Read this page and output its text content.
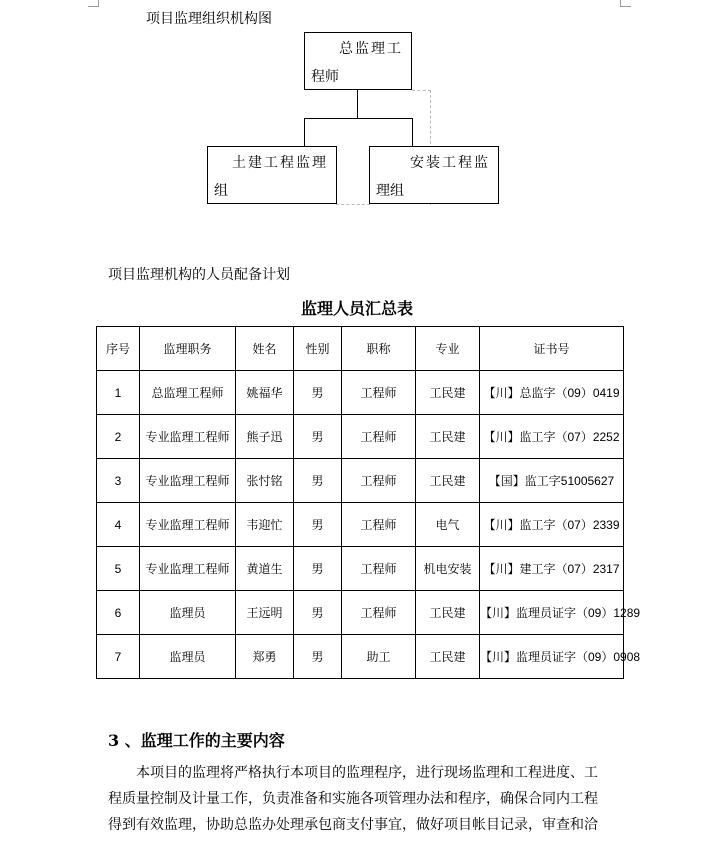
项目监理组织机构图
总监理工
程师
土建工程监理
组
安装工程监
理组
项目监理机构的人员配备计划
监理人员汇总表
序号	监理职务	姓名	性别	职称	专业	证书号
1	总监理工程师	姚福华	男	工程师	工民建	【川】总监字（09）0419
2	专业监理工程师	熊子迅	男	工程师	工民建	【川】监工字（07）2252
3	专业监理工程师	张忖铭	男	工程师	工民建	【国】监工字51005627
4	专业监理工程师	韦迎忙	男	工程师	电气	【川】监工字（07）2339
5	专业监理工程师	黄道生	男	工程师	机电安装	【川】建工字（07）2317
6	监理员	王远明	男	工程师	工民建	【川】监理员证字（09）1289
7	监理员	郑勇	男	助工	工民建	【川】监理员证字（09）0908
3 、监理工作的主要内容
本项目的监理将严格执行本项目的监理程序，进行现场监理和工程进度、工
程质量控制及计量工作，负责准备和实施各项管理办法和程序，确保合同内工程
得到有效监理，协助总监办处理承包商支付事宜，做好项目帐目记录，审查和洽
